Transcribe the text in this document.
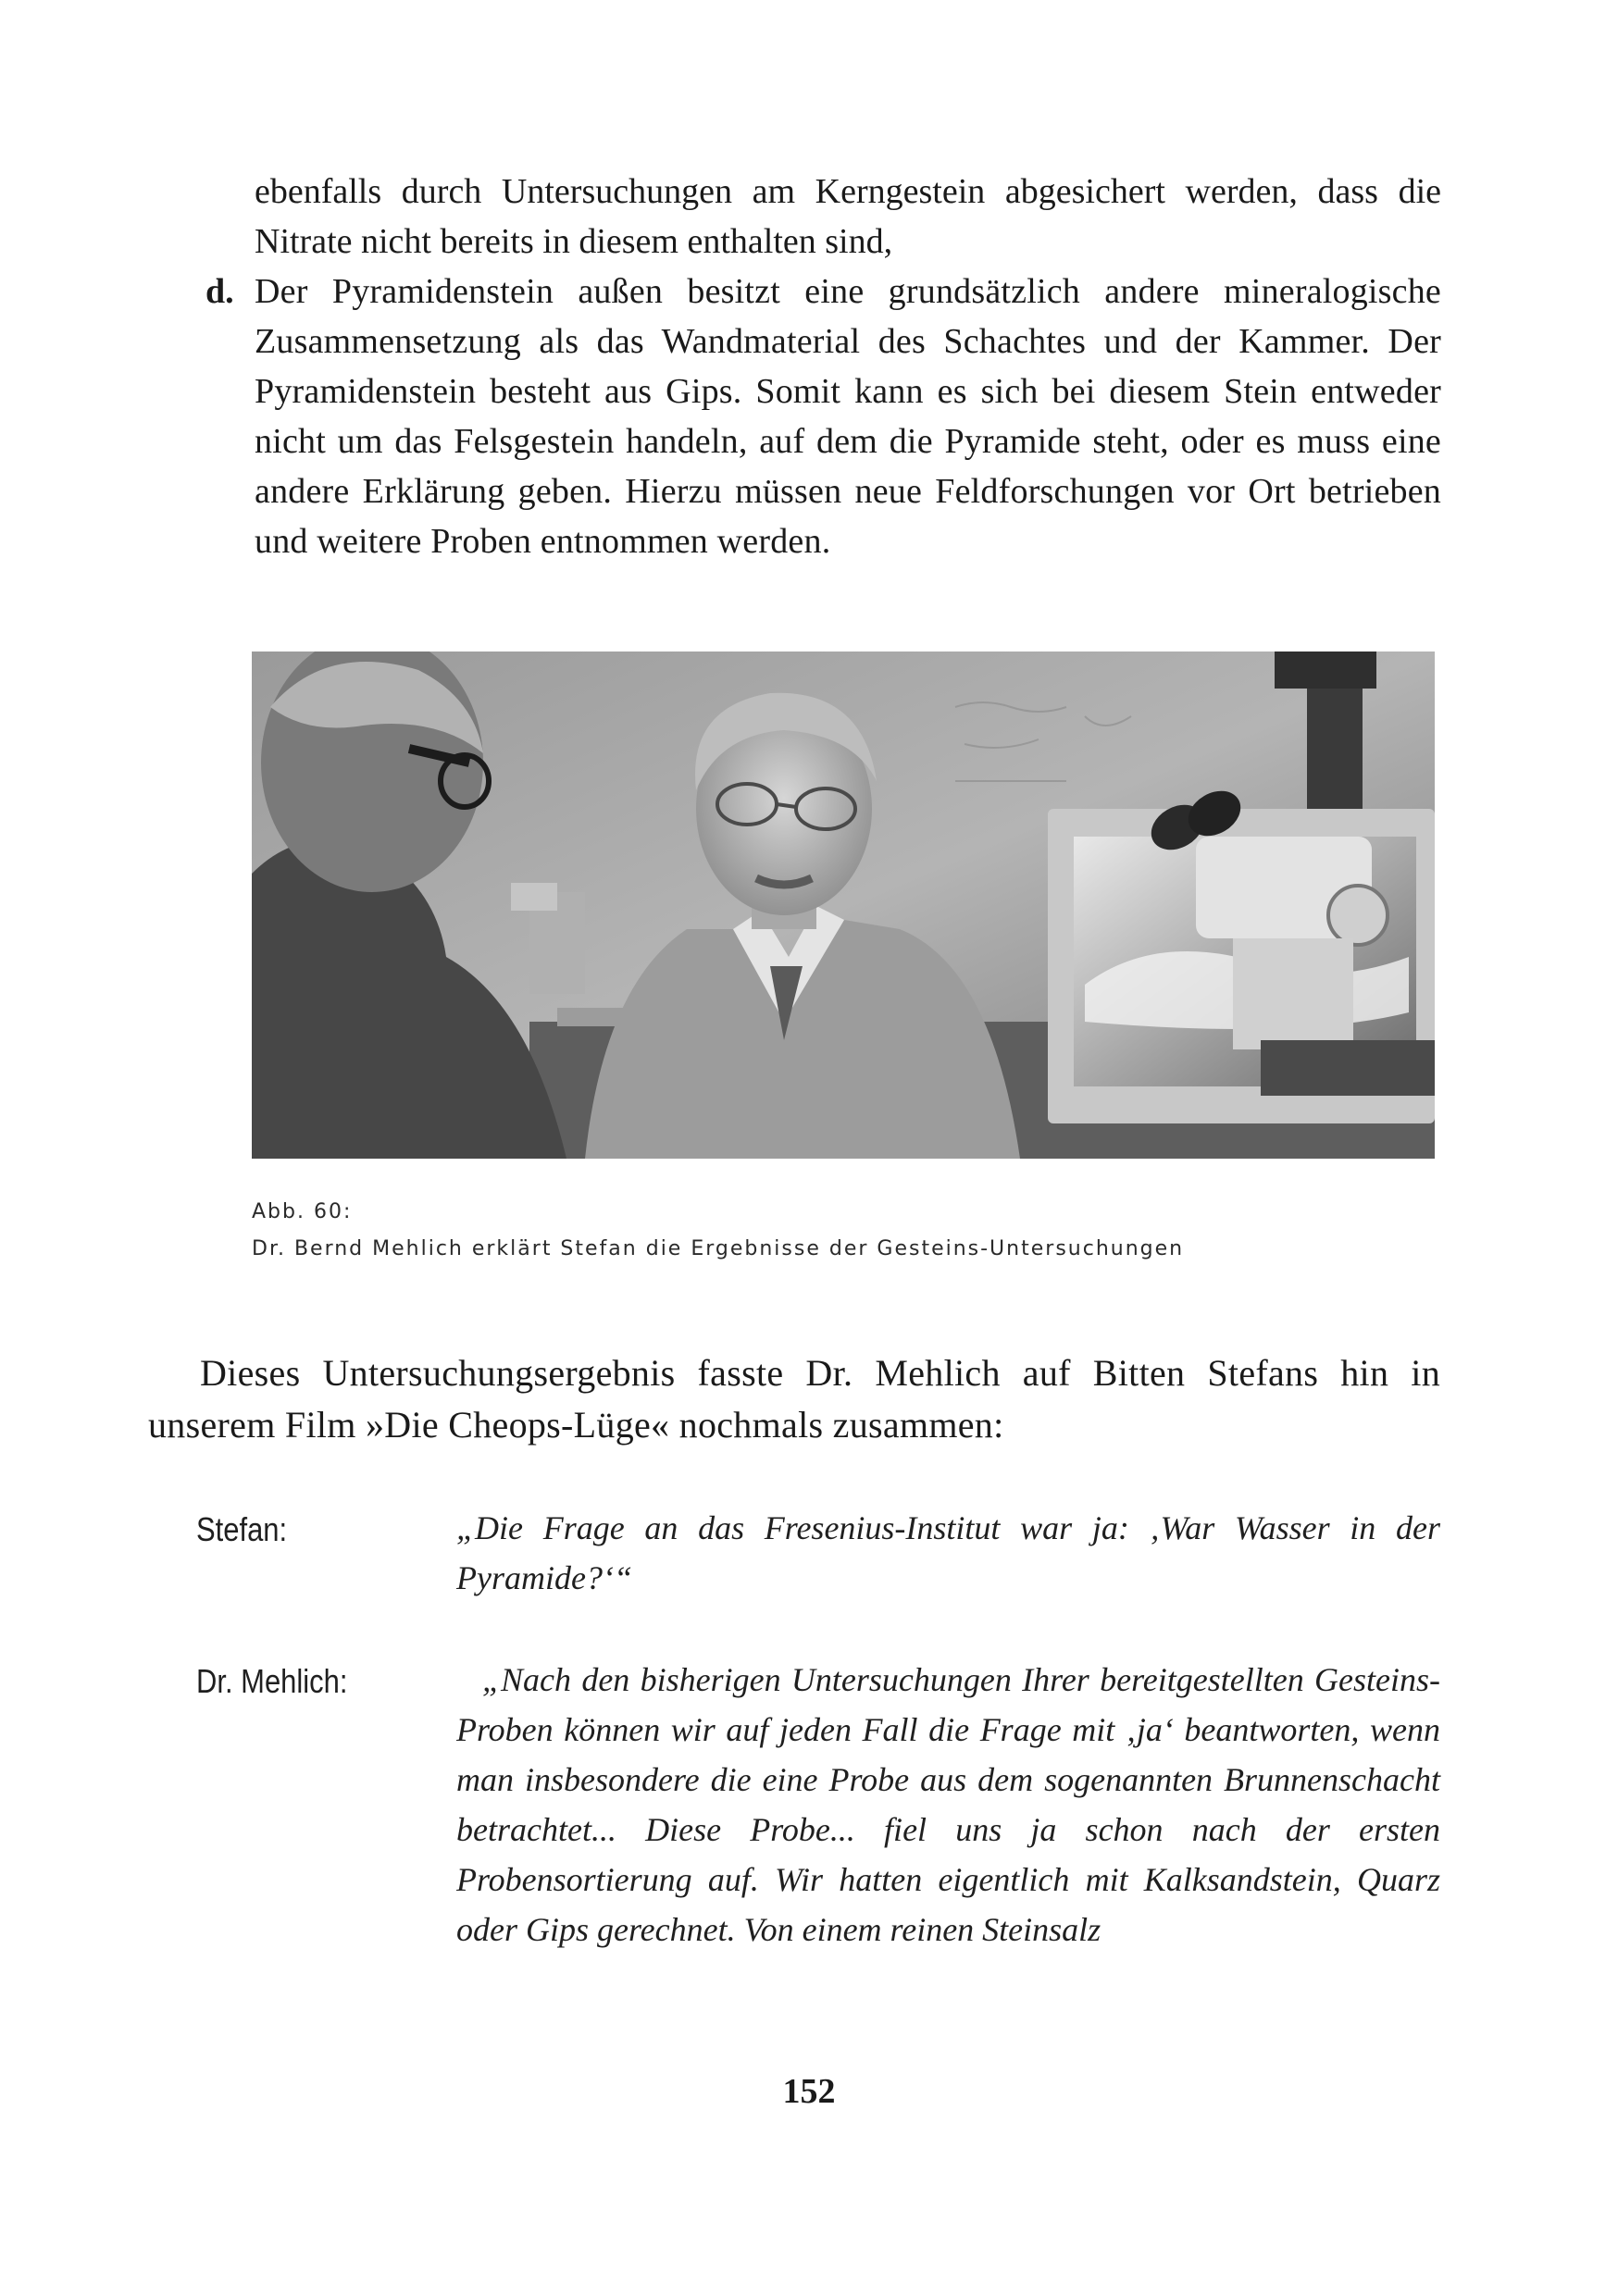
ebenfalls durch Untersuchungen am Kerngestein abgesichert werden, dass die Nitrate nicht bereits in diesem enthalten sind,
d. Der Pyramidenstein außen besitzt eine grundsätzlich andere mineralogische Zusammensetzung als das Wandmaterial des Schachtes und der Kammer. Der Pyramidenstein besteht aus Gips. Somit kann es sich bei diesem Stein entweder nicht um das Felsgestein handeln, auf dem die Pyramide steht, oder es muss eine andere Erklärung geben. Hierzu müssen neue Feldforschungen vor Ort betrieben und weitere Proben entnommen werden.
Abb. 60:
Dr. Bernd Mehlich erklärt Stefan die Ergebnisse der Gesteins-Untersuchungen
Dieses Untersuchungsergebnis fasste Dr. Mehlich auf Bitten Stefans hin in unserem Film »Die Cheops-Lüge« nochmals zusammen:
Stefan:	„Die Frage an das Fresenius-Institut war ja: ‚War Wasser in der Pyramide?‘“
Dr. Mehlich:	„Nach den bisherigen Untersuchungen Ihrer bereitgestellten Gesteins-Proben können wir auf jeden Fall die Frage mit ‚ja‘ beantworten, wenn man insbesondere die eine Probe aus dem sogenannten Brunnenschacht betrachtet... Diese Probe... fiel uns ja schon nach der ersten Probensortierung auf. Wir hatten eigentlich mit Kalksandstein, Quarz oder Gips gerechnet. Von einem reinen Steinsalz
152
